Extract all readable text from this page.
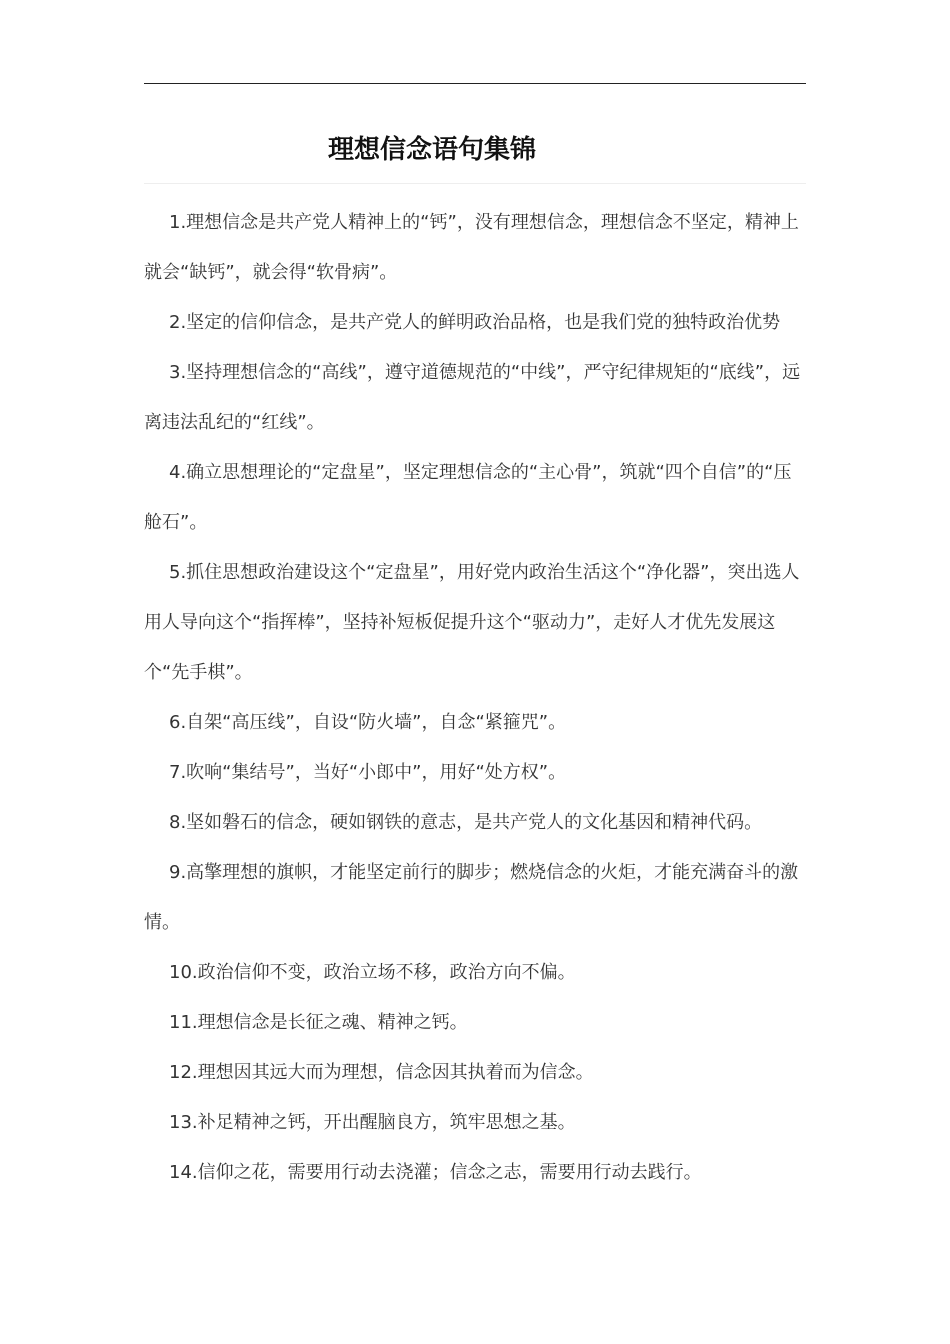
理想信念语句集锦

1.理想信念是共产党人精神上的“钙”，没有理想信念，理想信念不坚定，精神上就会“缺钙”，就会得“软骨病”。

2.坚定的信仰信念，是共产党人的鲜明政治品格，也是我们党的独特政治优势

3.坚持理想信念的“高线”，遵守道德规范的“中线”，严守纪律规矩的“底线”，远离违法乱纪的“红线”。

4.确立思想理论的“定盘星”，坚定理想信念的“主心骨”，筑就“四个自信”的“压舱石”。

5.抓住思想政治建设这个“定盘星”，用好党内政治生活这个“净化器”，突出选人用人导向这个“指挥棒”，坚持补短板促提升这个“驱动力”，走好人才优先发展这个“先手棋”。

6.自架“高压线”，自设“防火墙”，自念“紧箍咒”。

7.吹响“集结号”，当好“小郎中”，用好“处方权”。

8.坚如磐石的信念，硬如钢铁的意志，是共产党人的文化基因和精神代码。

9.高擎理想的旗帜，才能坚定前行的脚步；燃烧信念的火炬，才能充满奋斗的激情。

10.政治信仰不变，政治立场不移，政治方向不偏。

11.理想信念是长征之魂、精神之钙。

12.理想因其远大而为理想，信念因其执着而为信念。

13.补足精神之钙，开出醒脑良方，筑牢思想之基。

14.信仰之花，需要用行动去浇灌；信念之志，需要用行动去践行。
